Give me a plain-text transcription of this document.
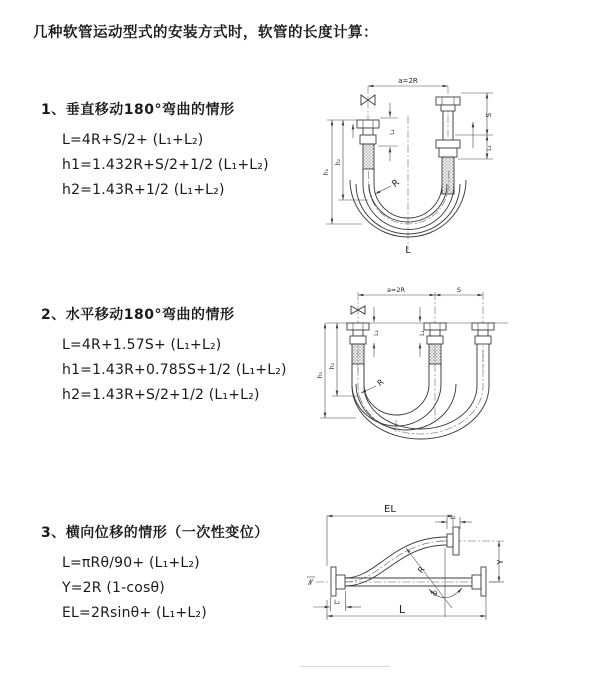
几种软管运动型式的安装方式时，软管的长度计算：
1、垂直移动180°弯曲的情形
L=4R+S/2+ (L₁+L₂)
h1=1.432R+S/2+1/2 (L₁+L₂)
h2=1.43R+1/2 (L₁+L₂)
2、水平移动180°弯曲的情形
L=4R+1.57S+ (L₁+L₂)
h1=1.43R+0.785S+1/2 (L₁+L₂)
h2=1.43R+S/2+1/2 (L₁+L₂)
3、横向位移的情形（一次性变位）
L=πRθ/90+ (L₁+L₂)
Y=2R (1-cosθ)
EL=2Rsinθ+ (L₁+L₂)
a=2R
h₁
h₂
S
L₁
L₁
R
L
a=2R	S
h₁
h₂
L₁	L₁
R
EL
L₁
Y
L
L₂
R
θ
